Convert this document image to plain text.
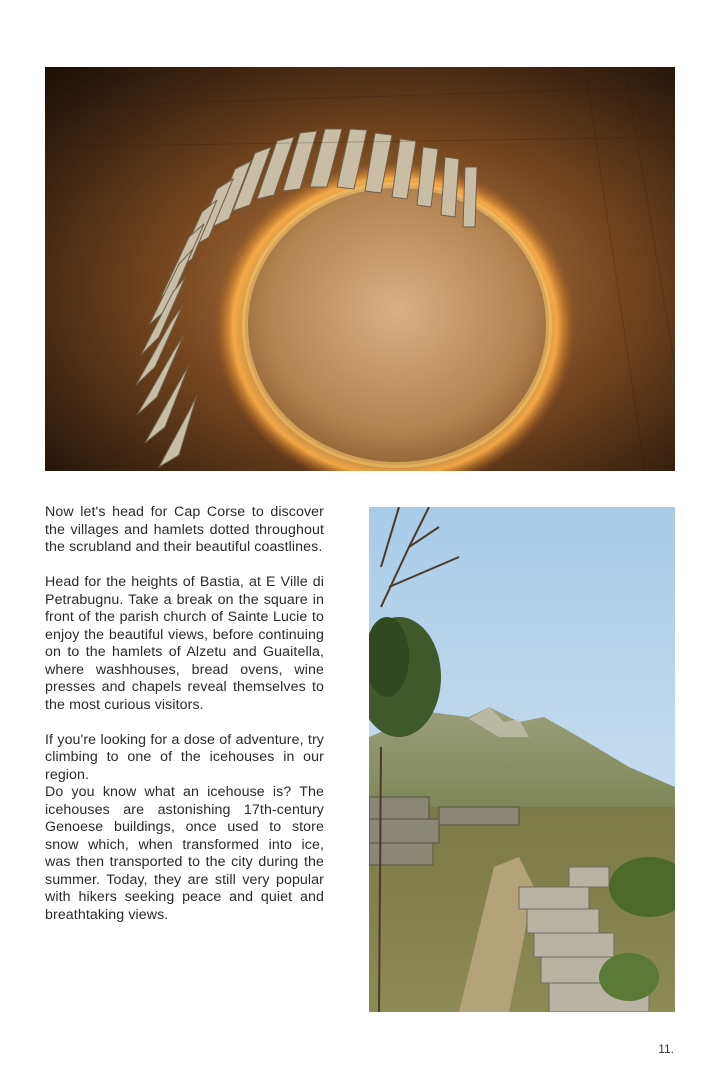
Now let's head for Cap Corse to discover the villages and hamlets dotted throughout the scrubland and their beautiful coastlines.

Head for the heights of Bastia, at E Ville di Petrabugnu. Take a break on the square in front of the parish church of Sainte Lucie to enjoy the beautiful views, before continuing on to the hamlets of Alzetu and Guaitella, where washhouses, bread ovens, wine presses and chapels reveal themselves to the most curious visitors.

If you're looking for a dose of adventure, try climbing to one of the icehouses in our region.

Do you know what an icehouse is? The icehouses are astonishing 17th-century Genoese buildings, once used to store snow which, when transformed into ice, was then transported to the city during the summer. Today, they are still very popular with hikers seeking peace and quiet and breathtaking views.

11.
